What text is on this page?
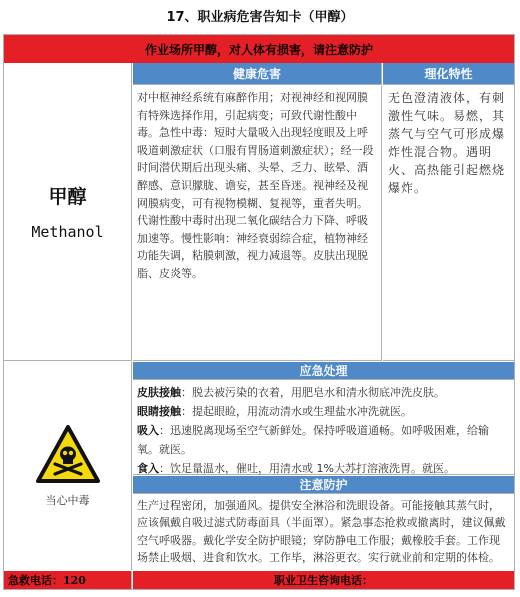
17、职业病危害告知卡（甲醇）
作业场所甲醇，对人体有损害，请注意防护
甲醇
Methanol
健康危害	理化特性
对中枢神经系统有麻醉作用；对视神经和视网膜有特殊选择作用，引起病变；可致代谢性酸中毒。急性中毒：短时大量吸入出现轻度眼及上呼吸道刺激症状（口服有胃肠道刺激症状）；经一段时间潜伏期后出现头痛、头晕、乏力、眩晕、酒醉感、意识朦胧、谵妄，甚至昏迷。视神经及视网膜病变，可有视物模糊、复视等，重者失明。代谢性酸中毒时出现二氧化碳结合力下降、呼吸加速等。慢性影响：神经衰弱综合症，植物神经功能失调，粘膜刺激，视力减退等。皮肤出现脱脂、皮炎等。
无色澄清液体，有刺激性气味。易燃，其蒸气与空气可形成爆炸性混合物。遇明火、高热能引起燃烧爆炸。
当心中毒
应急处理
皮肤接触：脱去被污染的衣着，用肥皂水和清水彻底冲洗皮肤。
眼睛接触：提起眼睑，用流动清水或生理盐水冲洗就医。
吸入：迅速脱离现场至空气新鲜处。保持呼吸道通畅。如呼吸困难，给输氧。就医。
食入：饮足量温水，催吐，用清水或 1%大苏打溶液洗胃。就医。
注意防护
生产过程密闭，加强通风。提供安全淋浴和洗眼设备。可能接触其蒸气时，应该佩戴自吸过滤式防毒面具（半面罩）。紧急事态抢救或撤离时，建议佩戴空气呼吸器。戴化学安全防护眼镜；穿防静电工作服；戴橡胶手套。工作现场禁止吸烟、进食和饮水。工作毕，淋浴更衣。实行就业前和定期的体检。
急救电话：120	职业卫生咨询电话：
